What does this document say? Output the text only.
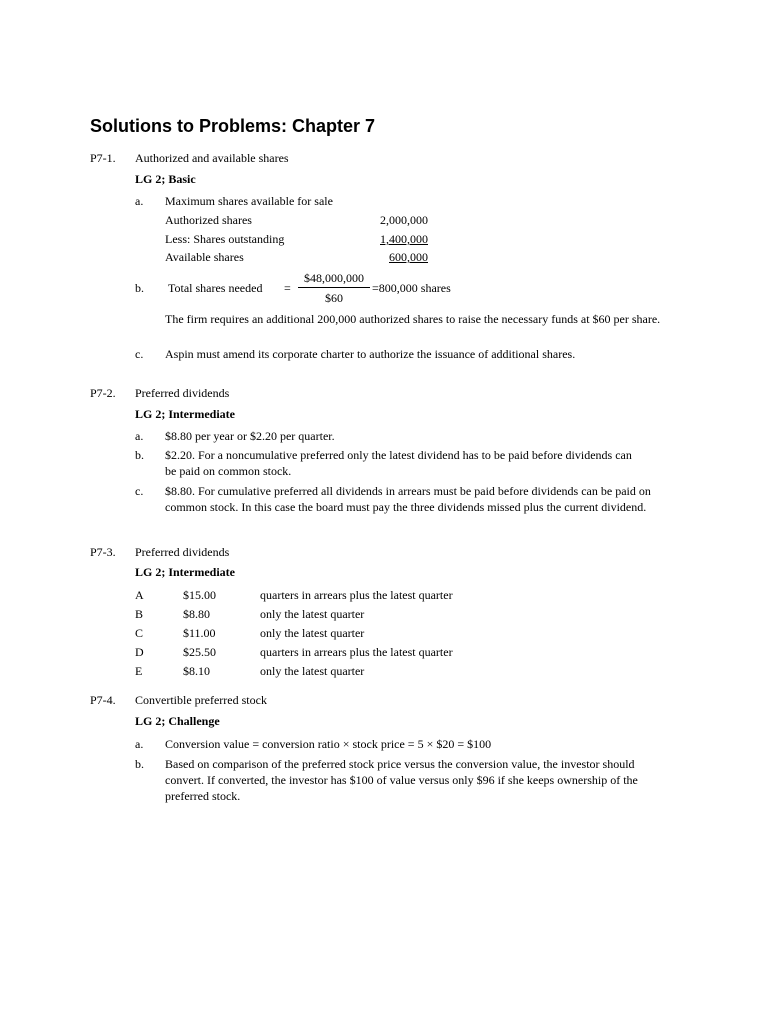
Solutions to Problems: Chapter 7
P7-1. Authorized and available shares
LG 2; Basic
a. Maximum shares available for sale
Authorized shares	2,000,000
Less: Shares outstanding	1,400,000
Available shares	600,000
b. Total shares needed = $\frac{\$48,000,000}{\$60} =800,000$ shares
The firm requires an additional 200,000 authorized shares to raise the necessary funds at $60 per share.
c. Aspin must amend its corporate charter to authorize the issuance of additional shares.
P7-2. Preferred dividends
LG 2; Intermediate
a. $8.80 per year or $2.20 per quarter.
b. $2.20. For a noncumulative preferred only the latest dividend has to be paid before dividends can be paid on common stock.
c. $8.80. For cumulative preferred all dividends in arrears must be paid before dividends can be paid on common stock. In this case the board must pay the three dividends missed plus the current dividend.
P7-3. Preferred dividends
LG 2; Intermediate
A	$15.00	quarters in arrears plus the latest quarter
B	$8.80	only the latest quarter
C	$11.00	only the latest quarter
D	$25.50	quarters in arrears plus the latest quarter
E	$8.10	only the latest quarter
P7-4. Convertible preferred stock
LG 2; Challenge
a. Conversion value = conversion ratio × stock price = 5 × $20 = $100
b. Based on comparison of the preferred stock price versus the conversion value, the investor should convert. If converted, the investor has $100 of value versus only $96 if she keeps ownership of the preferred stock.
